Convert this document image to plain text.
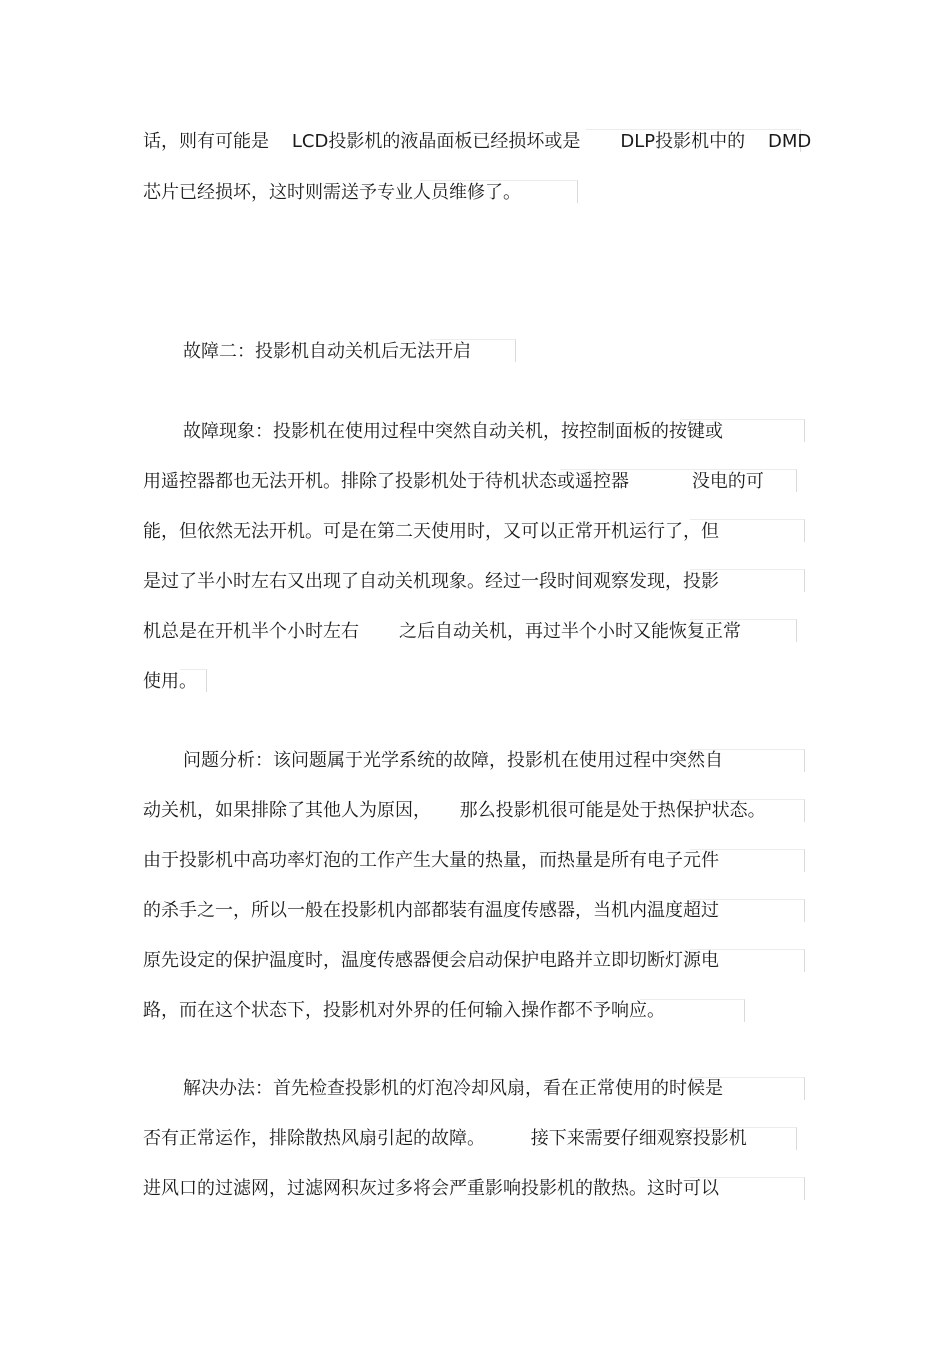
话，则有可能是    LCD投影机的液晶面板已经损坏或是       DLP投影机中的    DMD
芯片已经损坏，这时则需送予专业人员维修了。
故障二：投影机自动关机后无法开启
故障现象：投影机在使用过程中突然自动关机，按控制面板的按键或
用遥控器都也无法开机。排除了投影机处于待机状态或遥控器           没电的可
能，但依然无法开机。可是在第二天使用时，又可以正常开机运行了，但
是过了半小时左右又出现了自动关机现象。经过一段时间观察发现，投影
机总是在开机半个小时左右       之后自动关机，再过半个小时又能恢复正常
使用。
问题分析：该问题属于光学系统的故障，投影机在使用过程中突然自
动关机，如果排除了其他人为原因，     那么投影机很可能是处于热保护状态。
由于投影机中高功率灯泡的工作产生大量的热量，而热量是所有电子元件
的杀手之一，所以一般在投影机内部都装有温度传感器，当机内温度超过
原先设定的保护温度时，温度传感器便会启动保护电路并立即切断灯源电
路，而在这个状态下，投影机对外界的任何输入操作都不予响应。
解决办法：首先检查投影机的灯泡冷却风扇，看在正常使用的时候是
否有正常运作，排除散热风扇引起的故障。        接下来需要仔细观察投影机
进风口的过滤网，过滤网积灰过多将会严重影响投影机的散热。这时可以
